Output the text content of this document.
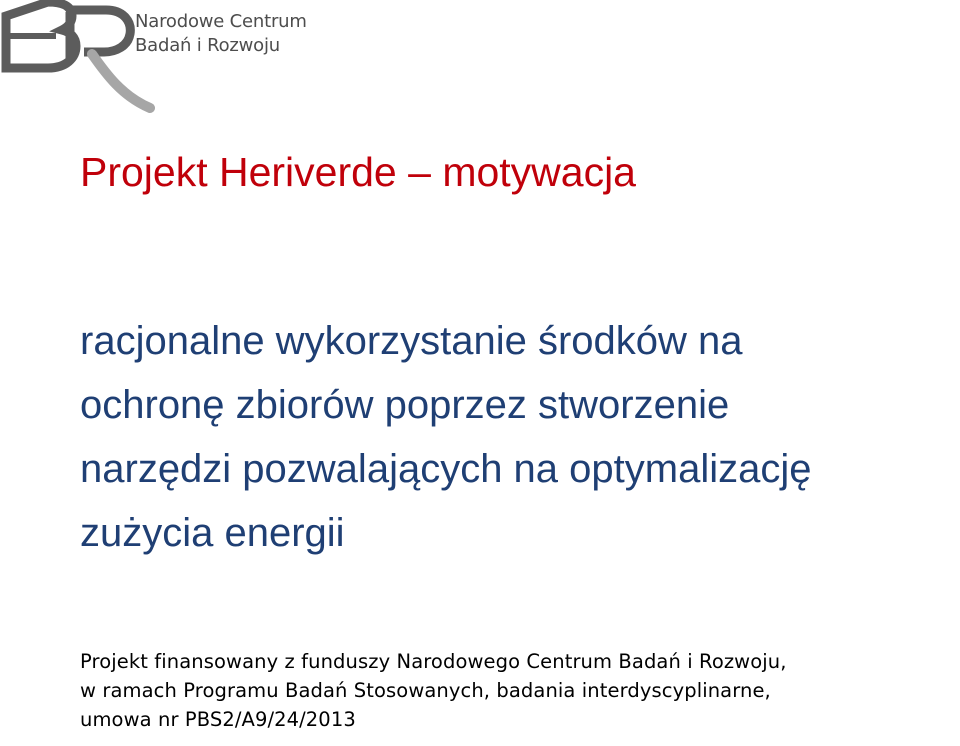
Narodowe Centrum
Badań i Rozwoju
Projekt Heriverde – motywacja
racjonalne wykorzystanie środków na
ochronę zbiorów poprzez stworzenie
narzędzi pozwalających na optymalizację
zużycia energii
Projekt finansowany z funduszy Narodowego Centrum Badań i Rozwoju,
w ramach Programu Badań Stosowanych, badania interdyscyplinarne,
umowa nr PBS2/A9/24/2013
